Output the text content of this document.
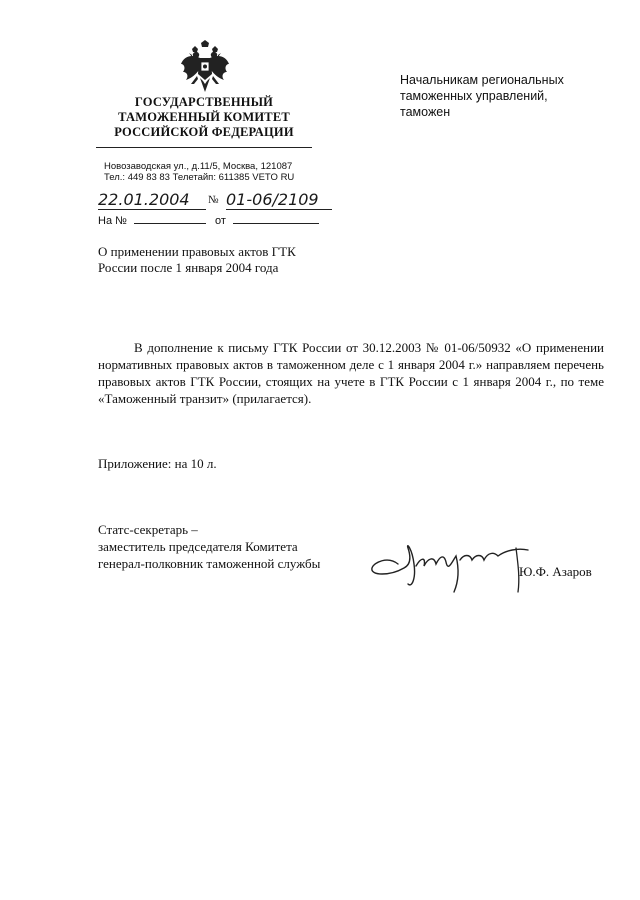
ГОСУДАРСТВЕННЫЙ
ТАМОЖЕННЫЙ КОМИТЕТ
РОССИЙСКОЙ ФЕДЕРАЦИИ
Новозаводская ул., д.11/5, Москва, 121087
Тел.: 449 83 83 Телетайп: 611385 VETO RU
Начальникам региональных
таможенных управлений,
таможен
22.01.2004	№ 01-06/2109
На №	от
О применении правовых актов ГТК России после 1 января 2004 года
В дополнение к письму ГТК России от 30.12.2003 № 01-06/50932 «О применении нормативных правовых актов в таможенном деле с 1 января 2004 г.» направляем перечень правовых актов ГТК России, стоящих на учете в ГТК России с 1 января 2004 г., по теме «Таможенный транзит» (прилагается).
Приложение: на 10 л.
Статс-секретарь –
заместитель председателя Комитета
генерал-полковник таможенной службы
Ю.Ф. Азаров
